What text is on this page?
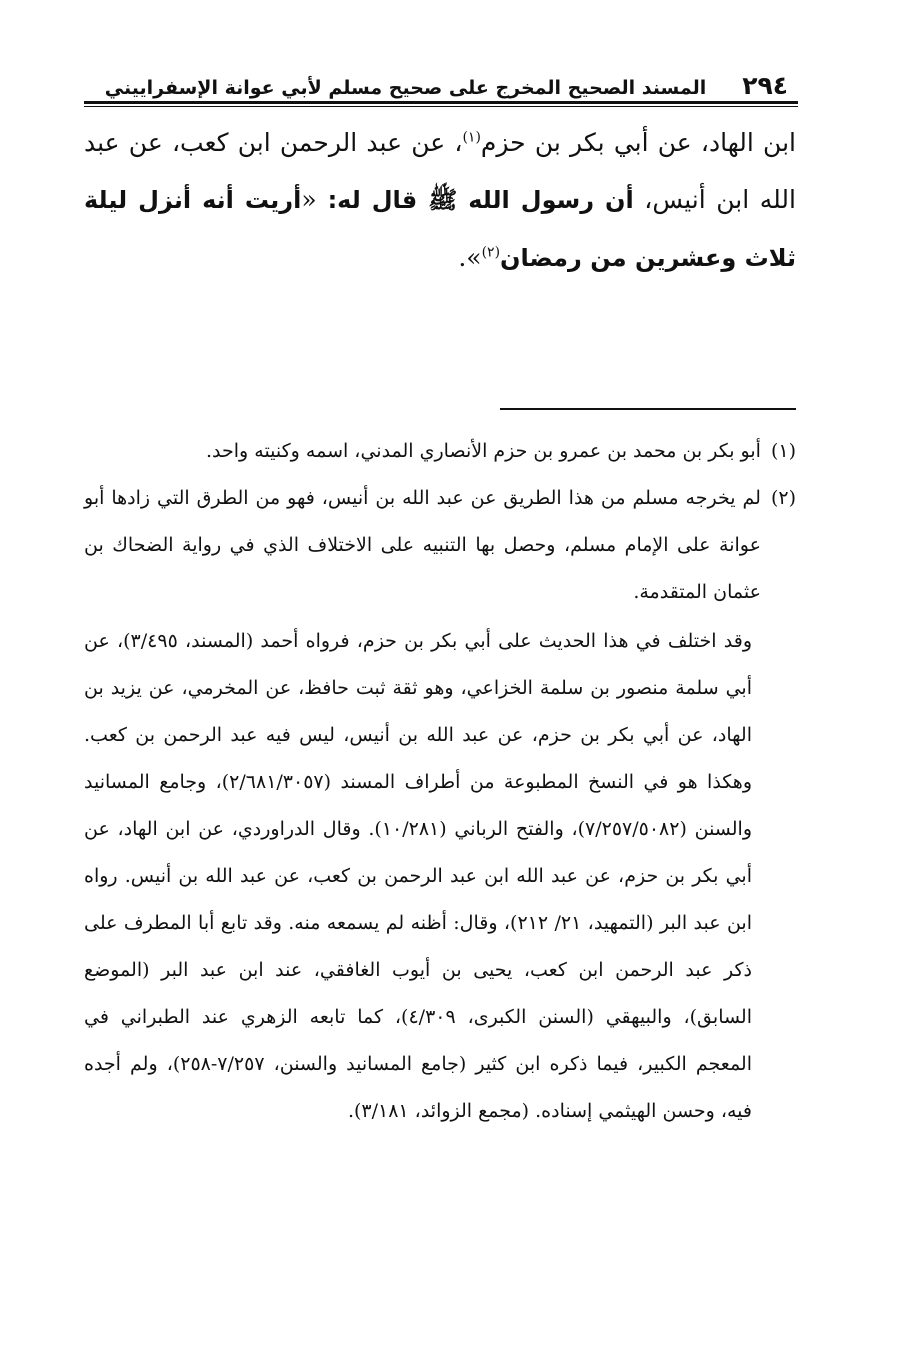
٢٩٤
المسند الصحيح المخرج على صحيح مسلم لأبي عوانة الإسفراييني

ابن الهاد، عن أبي بكر بن حزم$^{(١)}$، عن عبد الرحمن ابن كعب، عن عبد الله ابن أنيس، أن رسول الله ﷺ قال له: «أريت أنه أنزل ليلة ثلاث وعشرين من رمضان$^{(٢)}$».

(١)
أبو بكر بن محمد بن عمرو بن حزم الأنصاري المدني، اسمه وكنيته واحد.
(٢)
لم يخرجه مسلم من هذا الطريق عن عبد الله بن أنيس، فهو من الطرق التي زادها أبو عوانة على الإمام مسلم، وحصل بها التنبيه على الاختلاف الذي في رواية الضحاك بن عثمان المتقدمة.

وقد اختلف في هذا الحديث على أبي بكر بن حزم، فرواه أحمد (المسند، ٣/٤٩٥)، عن أبي سلمة منصور بن سلمة الخزاعي، وهو ثقة ثبت حافظ، عن المخرمي، عن يزيد بن الهاد، عن أبي بكر بن حزم، عن عبد الله بن أنيس، ليس فيه عبد الرحمن بن كعب. وهكذا هو في النسخ المطبوعة من أطراف المسند (٢/٦٨١/٣٠٥٧)، وجامع المسانيد والسنن (٧/٢٥٧/٥٠٨٢)، والفتح الرباني (١٠/٢٨١). وقال الدراوردي، عن ابن الهاد، عن أبي بكر بن حزم، عن عبد الله ابن عبد الرحمن بن كعب، عن عبد الله بن أنيس. رواه ابن عبد البر (التمهيد، ٢١/ ٢١٢)، وقال: أظنه لم يسمعه منه. وقد تابع أبا المطرف على ذكر عبد الرحمن ابن كعب، يحيى بن أيوب الغافقي، عند ابن عبد البر (الموضع السابق)، والبيهقي (السنن الكبرى، ٤/٣٠٩)، كما تابعه الزهري عند الطبراني في المعجم الكبير، فيما ذكره ابن كثير (جامع المسانيد والسنن، ٧/٢٥٧-٢٥٨)، ولم أجده فيه، وحسن الهيثمي إسناده. (مجمع الزوائد، ٣/١٨١).
